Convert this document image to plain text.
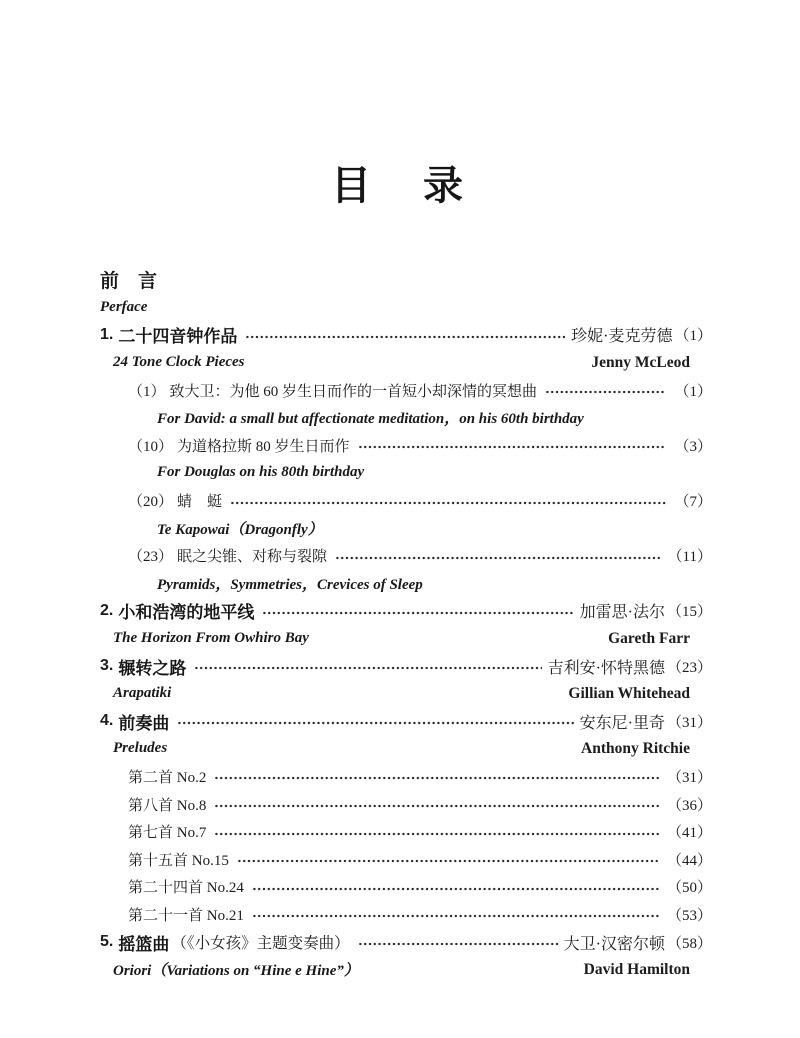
目　录
前　言
Perface
1. 二十四音钟作品	珍妮·麦克劳德 （1）
24 Tone Clock Pieces	Jenny McLeod
（1） 致大卫：为他 60 岁生日而作的一首短小却深情的冥想曲	（1）
For David: a small but affectionate meditation，on his 60th birthday
（10） 为道格拉斯 80 岁生日而作	（3）
For Douglas on his 80th birthday
（20） 蜻　蜓	（7）
Te Kapowai（Dragonfly）
（23） 眠之尖锥、对称与裂隙	（11）
Pyramids，Symmetries，Crevices of Sleep
2. 小和浩湾的地平线	加雷思·法尔 （15）
The Horizon From Owhiro Bay	Gareth Farr
3. 辗转之路	吉利安·怀特黑德 （23）
Arapatiki	Gillian Whitehead
4. 前奏曲	安东尼·里奇 （31）
Preludes	Anthony Ritchie
第二首 No.2	（31）
第八首 No.8	（36）
第七首 No.7	（41）
第十五首 No.15	（44）
第二十四首 No.24	（50）
第二十一首 No.21	（53）
5. 摇篮曲 （《小女孩》主题变奏曲）	大卫·汉密尔顿 （58）
Oriori（Variations on “Hine e Hine”）	David Hamilton
